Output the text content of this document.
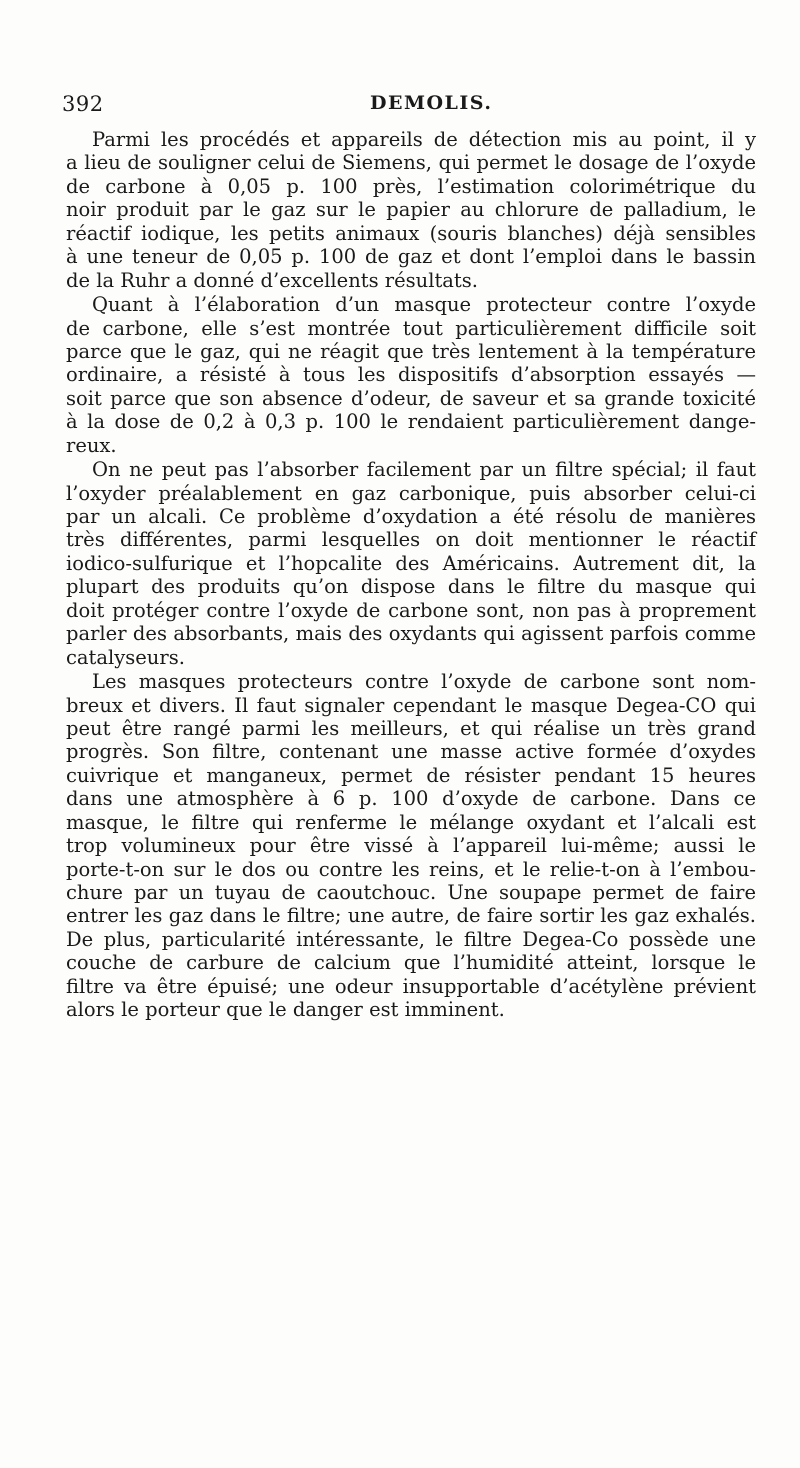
392	DEMOLIS.
Parmi les procédés et appareils de détection mis au point, il y
a lieu de souligner celui de Siemens, qui permet le dosage de l’oxyde
de carbone à 0,05 p. 100 près, l’estimation colorimétrique du
noir produit par le gaz sur le papier au chlorure de palladium, le
réactif iodique, les petits animaux (souris blanches) déjà sensibles
à une teneur de 0,05 p. 100 de gaz et dont l’emploi dans le bassin
de la Ruhr a donné d’excellents résultats.
Quant à l’élaboration d’un masque protecteur contre l’oxyde
de carbone, elle s’est montrée tout particulièrement difficile soit
parce que le gaz, qui ne réagit que très lentement à la température
ordinaire, a résisté à tous les dispositifs d’absorption essayés —
soit parce que son absence d’odeur, de saveur et sa grande toxicité
à la dose de 0,2 à 0,3 p. 100 le rendaient particulièrement dange-
reux.
On ne peut pas l’absorber facilement par un filtre spécial; il faut
l’oxyder préalablement en gaz carbonique, puis absorber celui-ci
par un alcali. Ce problème d’oxydation a été résolu de manières
très différentes, parmi lesquelles on doit mentionner le réactif
iodico-sulfurique et l’hopcalite des Américains. Autrement dit, la
plupart des produits qu’on dispose dans le filtre du masque qui
doit protéger contre l’oxyde de carbone sont, non pas à proprement
parler des absorbants, mais des oxydants qui agissent parfois comme
catalyseurs.
Les masques protecteurs contre l’oxyde de carbone sont nom-
breux et divers. Il faut signaler cependant le masque Degea-CO qui
peut être rangé parmi les meilleurs, et qui réalise un très grand
progrès. Son filtre, contenant une masse active formée d’oxydes
cuivrique et manganeux, permet de résister pendant 15 heures
dans une atmosphère à 6 p. 100 d’oxyde de carbone. Dans ce
masque, le filtre qui renferme le mélange oxydant et l’alcali est
trop volumineux pour être vissé à l’appareil lui-même; aussi le
porte-t-on sur le dos ou contre les reins, et le relie-t-on à l’embou-
chure par un tuyau de caoutchouc. Une soupape permet de faire
entrer les gaz dans le filtre; une autre, de faire sortir les gaz exhalés.
De plus, particularité intéressante, le filtre Degea-Co possède une
couche de carbure de calcium que l’humidité atteint, lorsque le
filtre va être épuisé; une odeur insupportable d’acétylène prévient
alors le porteur que le danger est imminent.
